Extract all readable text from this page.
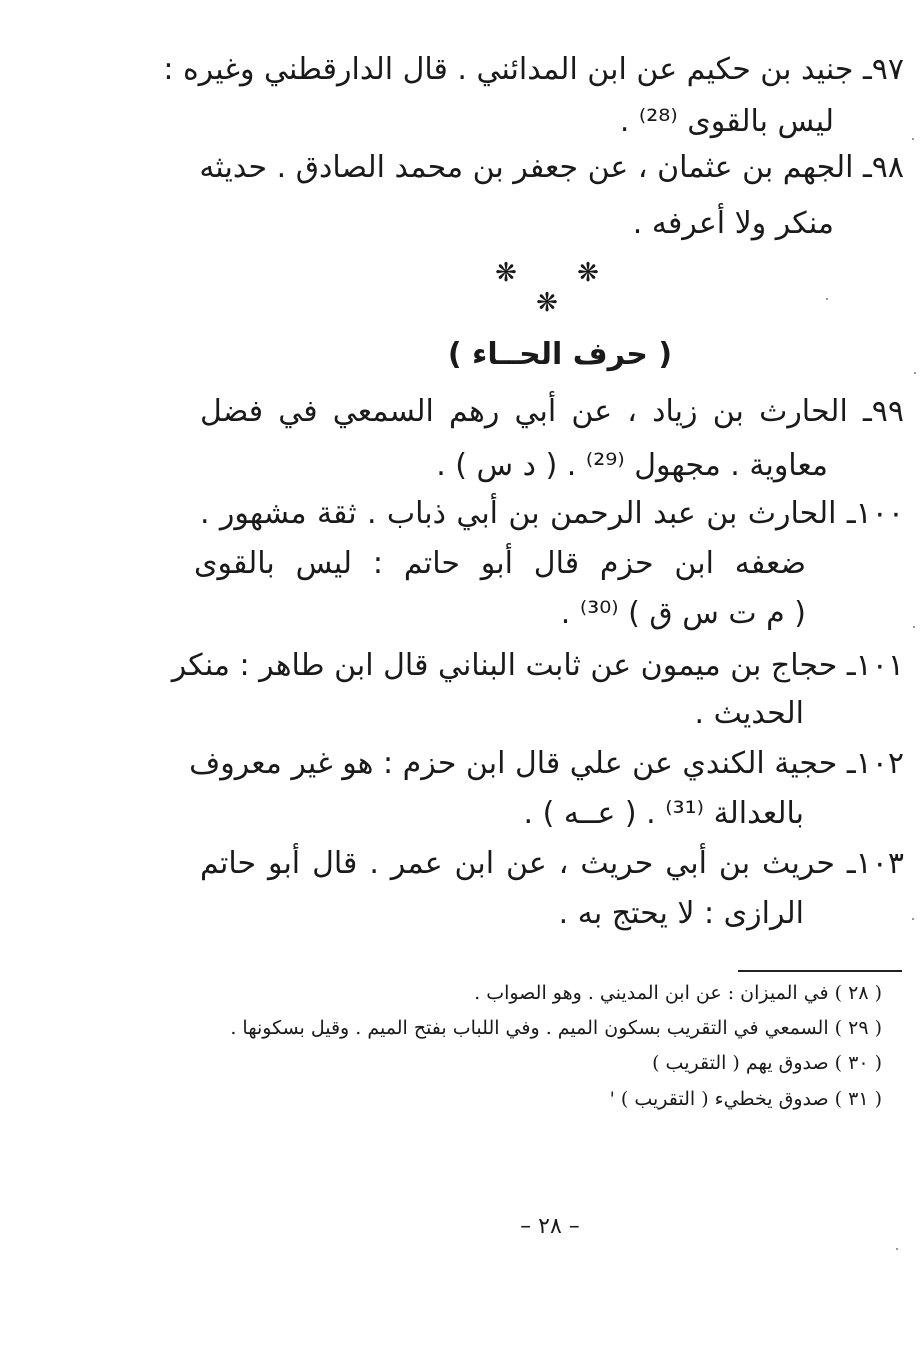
٩٧ـ جنيد بن حكيم عن ابن المدائني . قال الدارقطني وغيره :
ليس بالقوى ⁽²⁸⁾ .
٩٨ـ الجهم بن عثمان ، عن جعفر بن محمد الصادق . حديثه
منكر ولا أعرفه .
❋ ❋ ❋
( حرف الحــاء )
٩٩ـ الحارث بن زياد ، عن أبي رهم السمعي في فضل
معاوية . مجهول ⁽²⁹⁾ . ( د س ) .
١٠٠ـ الحارث بن عبد الرحمن بن أبي ذباب . ثقة مشهور .
ضعفه ابن حزم قال أبو حاتم : ليس بالقوى
( م ت س ق ) ⁽³⁰⁾ .
١٠١ـ حجاج بن ميمون عن ثابت البناني قال ابن طاهر : منكر
الحديث .
١٠٢ـ حجية الكندي عن علي قال ابن حزم : هو غير معروف
بالعدالة ⁽³¹⁾ . ( عــه ) .
١٠٣ـ حريث بن أبي حريث ، عن ابن عمر . قال أبو حاتم
الرازى : لا يحتج به .
( ٢٨ ) في الميزان : عن ابن المديني . وهو الصواب .
( ٢٩ ) السمعي في التقريب بسكون الميم . وفي اللباب بفتح الميم . وقيل بسكونها .
( ٣٠ ) صدوق يهم ( التقريب )
( ٣١ ) صدوق يخطيء ( التقريب ) '
– ٢٨ –
